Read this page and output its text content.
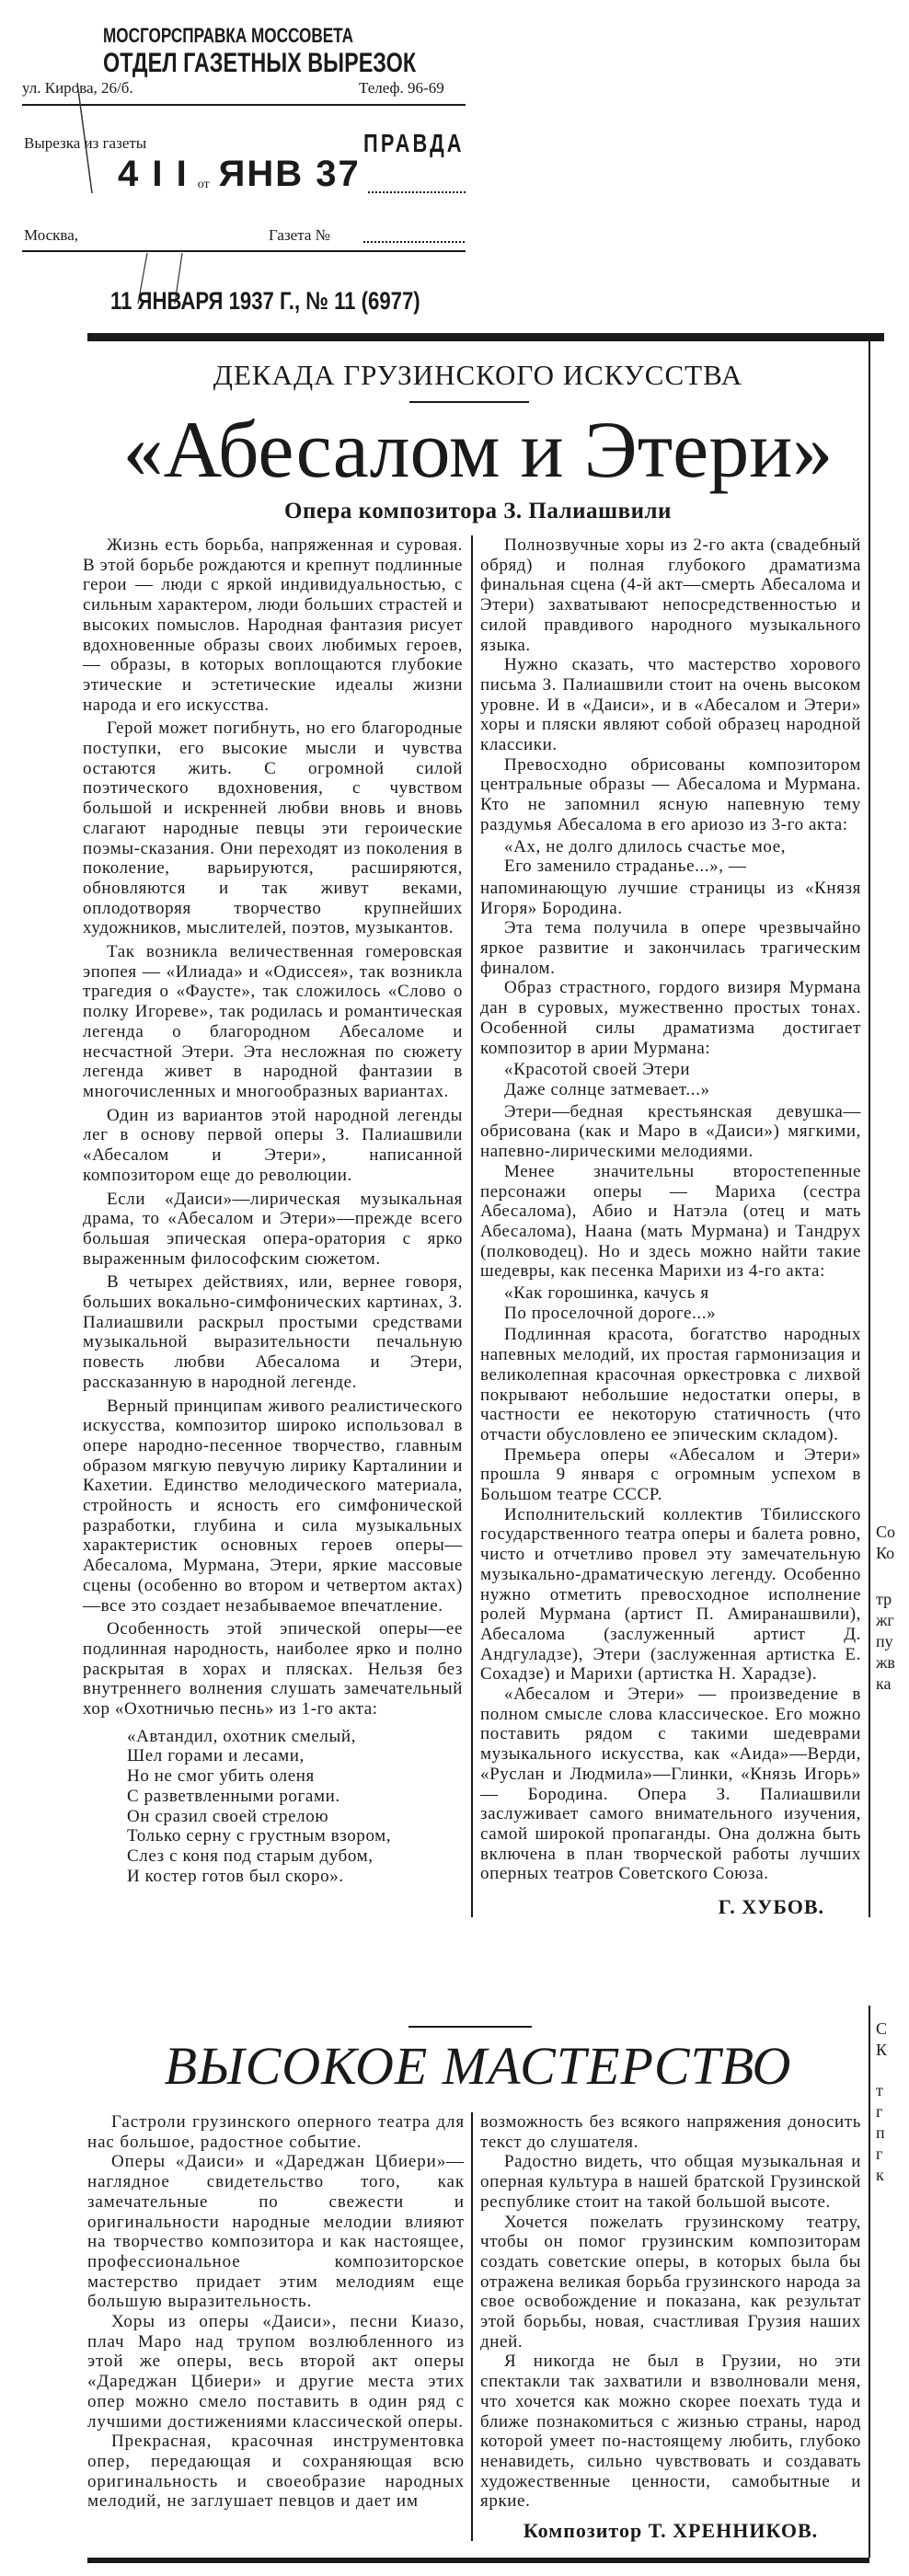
МОСГОРСПРАВКА МОССОВЕТА
ОТДЕЛ ГАЗЕТНЫХ ВЫРЕЗОК
ул. Кирова, 26/б.	Телеф. 96-69
Вырезка из газеты	ПРАВДА
4 I I от ЯНВ 37
Москва,	Газета №
11 ЯНВАРЯ 1937 Г., № 11 (6977)
ДЕКАДА ГРУЗИНСКОГО ИСКУССТВА
«Абесалом и Этери»
Опера композитора З. Палиашвили

Жизнь есть борьба, напряженная и суровая. В этой борьбе рождаются и крепнут подлинные герои — люди с яркой индивидуальностью, с сильным характером, люди больших страстей и высоких помыслов. Народная фантазия рисует вдохновенные образы своих любимых героев, — образы, в которых воплощаются глубокие этические и эстетические идеалы жизни народа и его искусства.

Герой может погибнуть, но его благородные поступки, его высокие мысли и чувства остаются жить. С огромной силой поэтического вдохновения, с чувством большой и искренней любви вновь и вновь слагают народные певцы эти героические поэмы-сказания. Они переходят из поколения в поколение, варьируются, расширяются, обновляются и так живут веками, оплодотворяя творчество крупнейших художников, мыслителей, поэтов, музыкантов.

Так возникла величественная гомеровская эпопея — «Илиада» и «Одиссея», так возникла трагедия о «Фаусте», так сложилось «Слово о полку Игореве», так родилась и романтическая легенда о благородном Абесаломе и несчастной Этери. Эта несложная по сюжету легенда живет в народной фантазии в многочисленных и многообразных вариантах.

Один из вариантов этой народной легенды лег в основу первой оперы З. Палиашвили «Абесалом и Этери», написанной композитором еще до революции.

Если «Даиси»—лирическая музыкальная драма, то «Абесалом и Этери»—прежде всего большая эпическая опера-оратория с ярко выраженным философским сюжетом.

В четырех действиях, или, вернее говоря, больших вокально-симфонических картинах, З. Палиашвили раскрыл простыми средствами музыкальной выразительности печальную повесть любви Абесалома и Этери, рассказанную в народной легенде.

Верный принципам живого реалистического искусства, композитор широко использовал в опере народно-песенное творчество, главным образом мягкую певучую лирику Карталинии и Кахетии. Единство мелодического материала, стройность и ясность его симфонической разработки, глубина и сила музыкальных характеристик основных героев оперы—Абесалома, Мурмана, Этери, яркие массовые сцены (особенно во втором и четвертом актах)—все это создает незабываемое впечатление.

Особенность этой эпической оперы—ее подлинная народность, наиболее ярко и полно раскрытая в хорах и плясках. Нельзя без внутреннего волнения слушать замечательный хор «Охотничью песнь» из 1-го акта:

«Автандил, охотник смелый,
Шел горами и лесами,
Но не смог убить оленя
С разветвленными рогами.
Он сразил своей стрелою
Только серну с грустным взором,
Слез с коня под старым дубом,
И костер готов был скоро».

Полнозвучные хоры из 2-го акта (свадебный обряд) и полная глубокого драматизма финальная сцена (4-й акт—смерть Абесалома и Этери) захватывают непосредственностью и силой правдивого народного музыкального языка.

Нужно сказать, что мастерство хорового письма З. Палиашвили стоит на очень высоком уровне. И в «Даиси», и в «Абесалом и Этери» хоры и пляски являют собой образец народной классики.

Превосходно обрисованы композитором центральные образы — Абесалома и Мурмана. Кто не запомнил ясную напевную тему раздумья Абесалома в его ариозо из 3-го акта:

«Ах, не долго длилось счастье мое,
Его заменило страданье...», —

напоминающую лучшие страницы из «Князя Игоря» Бородина.

Эта тема получила в опере чрезвычайно яркое развитие и закончилась трагическим финалом.

Образ страстного, гордого визиря Мурмана дан в суровых, мужественно простых тонах. Особенной силы драматизма достигает композитор в арии Мурмана:

«Красотой своей Этери
Даже солнце затмевает...»

Этери—бедная крестьянская девушка—обрисована (как и Маро в «Даиси») мягкими, напевно-лирическими мелодиями.

Менее значительны второстепенные персонажи оперы — Мариха (сестра Абесалома), Абио и Натэла (отец и мать Абесалома), Наана (мать Мурмана) и Тандрух (полководец). Но и здесь можно найти такие шедевры, как песенка Марихи из 4-го акта:

«Как горошинка, качусь я
По проселочной дороге...»

Подлинная красота, богатство народных напевных мелодий, их простая гармонизация и великолепная красочная оркестровка с лихвой покрывают небольшие недостатки оперы, в частности ее некоторую статичность (что отчасти обусловлено ее эпическим складом).

Премьера оперы «Абесалом и Этери» прошла 9 января с огромным успехом в Большом театре СССР.

Исполнительский коллектив Тбилисского государственного театра оперы и балета ровно, чисто и отчетливо провел эту замечательную музыкально-драматическую легенду. Особенно нужно отметить превосходное исполнение ролей Мурмана (артист П. Амиранашвили), Абесалома (заслуженный артист Д. Андгуладзе), Этери (заслуженная артистка Е. Сохадзе) и Марихи (артистка Н. Харадзе).

«Абесалом и Этери» — произведение в полном смысле слова классическое. Его можно поставить рядом с такими шедеврами музыкального искусства, как «Аида»—Верди, «Руслан и Людмила»—Глинки, «Князь Игорь» — Бородина. Опера З. Палиашвили заслуживает самого внимательного изучения, самой широкой пропаганды. Она должна быть включена в план творческой работы лучших оперных театров Советского Союза.

Г. ХУБОВ.
ВЫСОКОЕ МАСТЕРСТВО

Гастроли грузинского оперного театра для нас большое, радостное событие.

Оперы «Даиси» и «Дареджан Цбиери»—наглядное свидетельство того, как замечательные по свежести и оригинальности народные мелодии влияют на творчество композитора и как настоящее, профессиональное композиторское мастерство придает этим мелодиям еще большую выразительность.

Хоры из оперы «Даиси», песни Киазо, плач Маро над трупом возлюбленного из этой же оперы, весь второй акт оперы «Дареджан Цбиери» и другие места этих опер можно смело поставить в один ряд с лучшими достижениями классической оперы.

Прекрасная, красочная инструментовка опер, передающая и сохраняющая всю оригинальность и своеобразие народных мелодий, не заглушает певцов и дает им

возможность без всякого напряжения доносить текст до слушателя.

Радостно видеть, что общая музыкальная и оперная культура в нашей братской Грузинской республике стоит на такой большой высоте.

Хочется пожелать грузинскому театру, чтобы он помог грузинским композиторам создать советские оперы, в которых была бы отражена великая борьба грузинского народа за свое освобождение и показана, как результат этой борьбы, новая, счастливая Грузия наших дней.

Я никогда не был в Грузии, но эти спектакли так захватили и взволновали меня, что хочется как можно скорее поехать туда и ближе познакомиться с жизнью страны, народ которой умеет по-настоящему любить, глубоко ненавидеть, сильно чувствовать и создавать художественные ценности, самобытные и яркие.

Композитор Т. ХРЕННИКОВ.
Со
Ко
тр
жг
пу
жв
ка
С
К
т
г
п
г
к
